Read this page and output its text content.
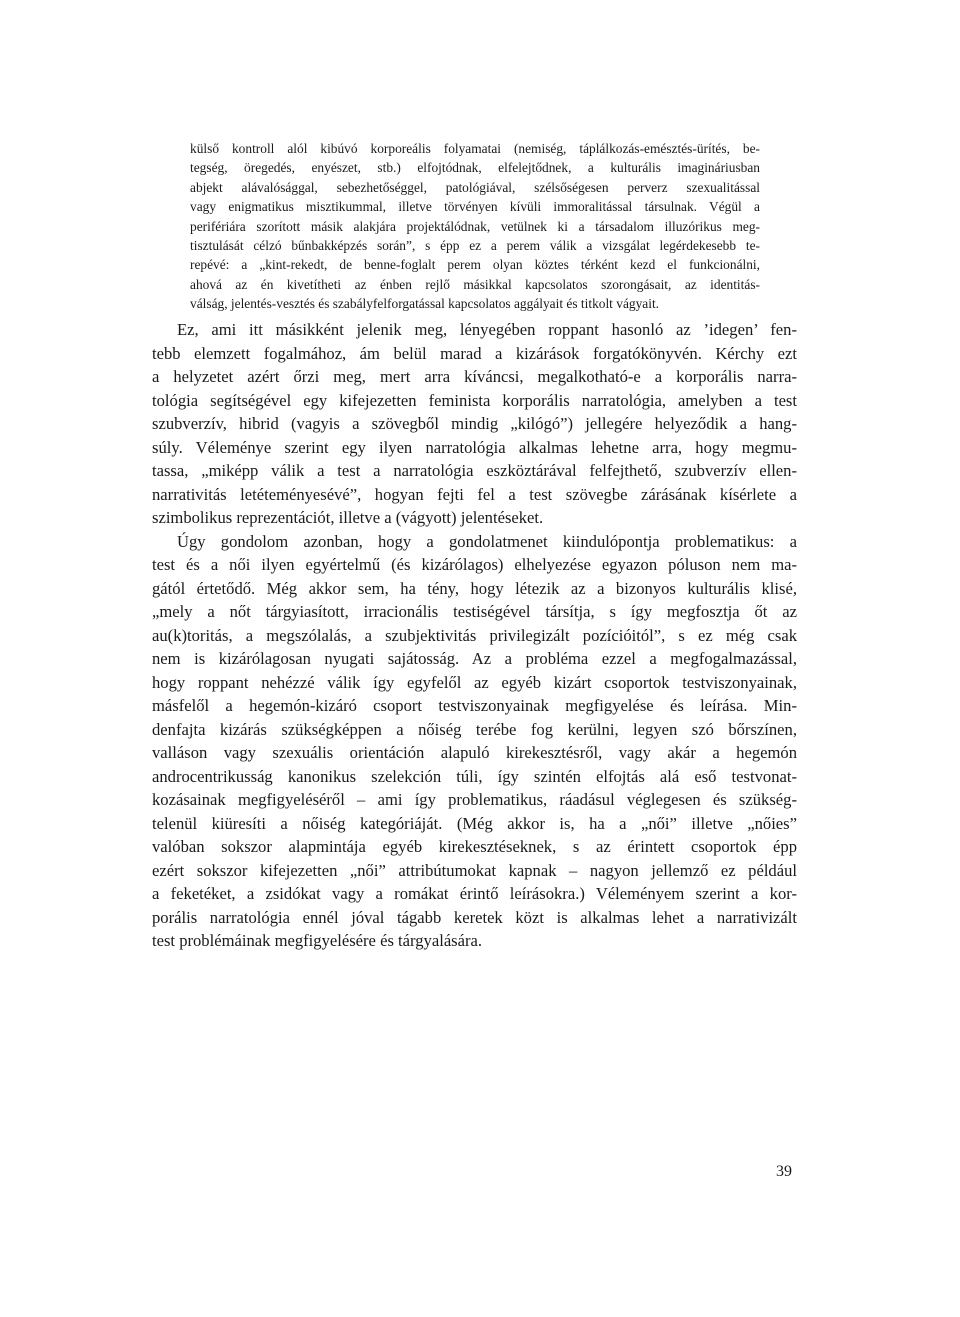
külső kontroll alól kibúvó korporeális folyamatai (nemiség, táplálkozás-emésztés-ürítés, be-
tegség, öregedés, enyészet, stb.) elfojtódnak, elfelejtődnek, a kulturális imagináriusban
abjekt alávalósággal, sebezhetőséggel, patológiával, szélsőségesen perverz szexualitással
vagy enigmatikus misztikummal, illetve törvényen kívüli immoralitással társulnak. Végül a
perifériára szorított másik alakjára projektálódnak, vetülnek ki a társadalom illuzórikus meg-
tisztulását célzó bűnbakképzés során”, s épp ez a perem válik a vizsgálat legérdekesebb te-
repévé: a „kint-rekedt, de benne-foglalt perem olyan köztes térként kezd el funkcionálni,
ahová az én kivetítheti az énben rejlő másikkal kapcsolatos szorongásait, az identitás-
válság, jelentés-vesztés és szabályfelforgatással kapcsolatos aggályait és titkolt vágyait.
Ez, ami itt másikként jelenik meg, lényegében roppant hasonló az ’idegen’ fen-
tebb elemzett fogalmához, ám belül marad a kizárások forgatókönyvén. Kérchy ezt
a helyzetet azért őrzi meg, mert arra kíváncsi, megalkotható-e a korporális narra-
tológia segítségével egy kifejezetten feminista korporális narratológia, amelyben a test
szubverzív, hibrid (vagyis a szövegből mindig „kilógó”) jellegére helyeződik a hang-
súly. Véleménye szerint egy ilyen narratológia alkalmas lehetne arra, hogy megmu-
tassa, „miképp válik a test a narratológia eszköztárával felfejthető, szubverzív ellen-
narrativitás letéteményesévé”, hogyan fejti fel a test szövegbe zárásának kísérlete a
szimbolikus reprezentációt, illetve a (vágyott) jelentéseket.
Úgy gondolom azonban, hogy a gondolatmenet kiindulópontja problematikus: a
test és a női ilyen egyértelmű (és kizárólagos) elhelyezése egyazon póluson nem ma-
gától értetődő. Még akkor sem, ha tény, hogy létezik az a bizonyos kulturális klisé,
„mely a nőt tárgyiasított, irracionális testiségével társítja, s így megfosztja őt az
au(k)toritás, a megszólalás, a szubjektivitás privilegizált pozícióitól”, s ez még csak
nem is kizárólagosan nyugati sajátosság. Az a probléma ezzel a megfogalmazással,
hogy roppant nehézzé válik így egyfelől az egyéb kizárt csoportok testviszonyainak,
másfelől a hegemón-kizáró csoport testviszonyainak megfigyelése és leírása. Min-
denfajta kizárás szükségképpen a nőiség terébe fog kerülni, legyen szó bőrszínen,
valláson vagy szexuális orientáción alapuló kirekesztésről, vagy akár a hegemón
androcentrikusság kanonikus szelekción túli, így szintén elfojtás alá eső testvonat-
kozásainak megfigyeléséről – ami így problematikus, ráadásul véglegesen és szükség-
telenül kiüresíti a nőiség kategóriáját. (Még akkor is, ha a „női” illetve „nőies”
valóban sokszor alapmintája egyéb kirekesztéseknek, s az érintett csoportok épp
ezért sokszor kifejezetten „női” attribútumokat kapnak – nagyon jellemző ez például
a feketéket, a zsidókat vagy a romákat érintő leírásokra.) Véleményem szerint a kor-
porális narratológia ennél jóval tágabb keretek közt is alkalmas lehet a narrativizált
test problémáinak megfigyelésére és tárgyalására.
39
